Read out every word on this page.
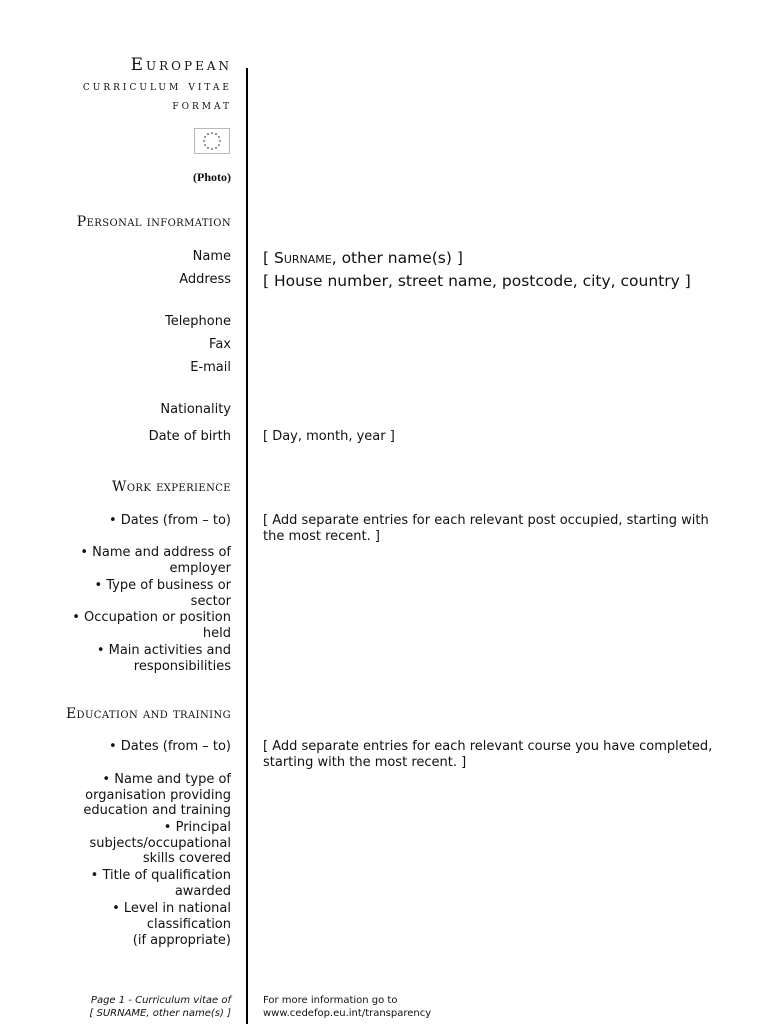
European
curriculum vitae
format
(Photo)
Personal information
Name [ Surname, other name(s) ]
Address [ House number, street name, postcode, city, country ]
Telephone
Fax
E-mail
Nationality
Date of birth [ Day, month, year ]
Work experience
• Dates (from – to) [ Add separate entries for each relevant post occupied, starting with the most recent. ]
• Name and address of employer
• Type of business or sector
• Occupation or position held
• Main activities and responsibilities
Education and training
• Dates (from – to) [ Add separate entries for each relevant course you have completed, starting with the most recent. ]
• Name and type of organisation providing education and training
• Principal subjects/occupational skills covered
• Title of qualification awarded
• Level in national classification
(if appropriate)
Page 1 - Curriculum vitae of
[ SURNAME, other name(s) ]
For more information go to
www.cedefop.eu.int/transparency
